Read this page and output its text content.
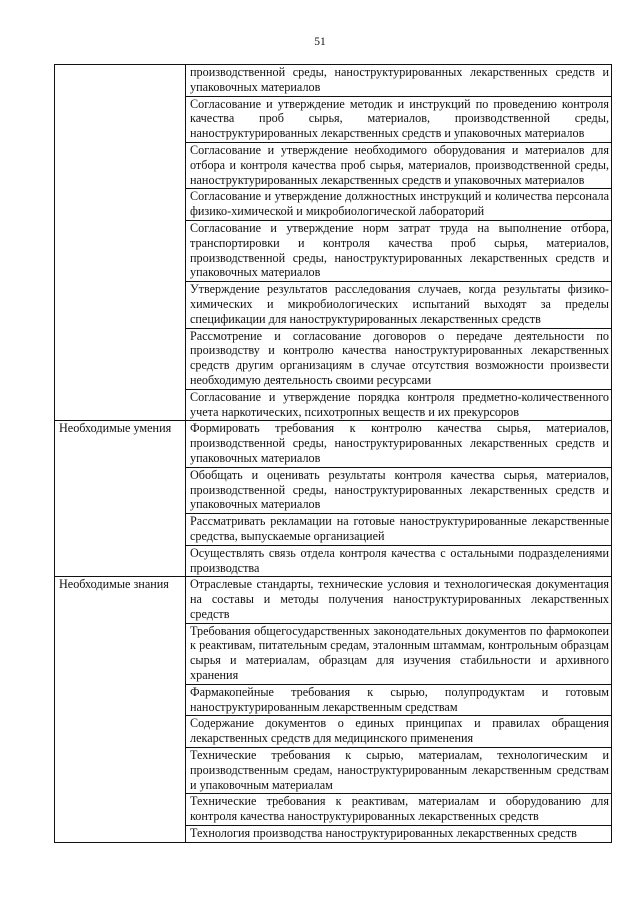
51
	производственной среды, наноструктурированных лекарственных средств и упаковочных материалов
	Согласование и утверждение методик и инструкций по проведению контроля качества проб сырья, материалов, производственной среды, наноструктурированных лекарственных средств и упаковочных материалов
	Согласование и утверждение необходимого оборудования и материалов для отбора и контроля качества проб сырья, материалов, производственной среды, наноструктурированных лекарственных средств и упаковочных материалов
	Согласование и утверждение должностных инструкций и количества персонала физико-химической и микробиологической лабораторий
	Согласование и утверждение норм затрат труда на выполнение отбора, транспортировки и контроля качества проб сырья, материалов, производственной среды, наноструктурированных лекарственных средств и упаковочных материалов
	Утверждение результатов расследования случаев, когда результаты физико-химических и микробиологических испытаний выходят за пределы спецификации для наноструктурированных лекарственных средств
	Рассмотрение и согласование договоров о передаче деятельности по производству и контролю качества наноструктурированных лекарственных средств другим организациям в случае отсутствия возможности произвести необходимую деятельность своими ресурсами
	Согласование и утверждение порядка контроля предметно-количественного учета наркотических, психотропных веществ и их прекурсоров
Необходимые умения	Формировать требования к контролю качества сырья, материалов, производственной среды, наноструктурированных лекарственных средств и упаковочных материалов
	Обобщать и оценивать результаты контроля качества сырья, материалов, производственной среды, наноструктурированных лекарственных средств и упаковочных материалов
	Рассматривать рекламации на готовые наноструктурированные лекарственные средства, выпускаемые организацией
	Осуществлять связь отдела контроля качества с остальными подразделениями производства
Необходимые знания	Отраслевые стандарты, технические условия и технологическая документация на составы и методы получения наноструктурированных лекарственных средств
	Требования общегосударственных законодательных документов по фармокопеи к реактивам, питательным средам, эталонным штаммам, контрольным образцам сырья и материалам, образцам для изучения стабильности и архивного хранения
	Фармакопейные требования к сырью, полупродуктам и готовым наноструктурированным лекарственным средствам
	Содержание документов о единых принципах и правилах обращения лекарственных средств для медицинского применения
	Технические требования к сырью, материалам, технологическим и производственным средам, наноструктурированным лекарственным средствам и упаковочным материалам
	Технические требования к реактивам, материалам и оборудованию для контроля качества наноструктурированных лекарственных средств
	Технология производства наноструктурированных лекарственных средств
